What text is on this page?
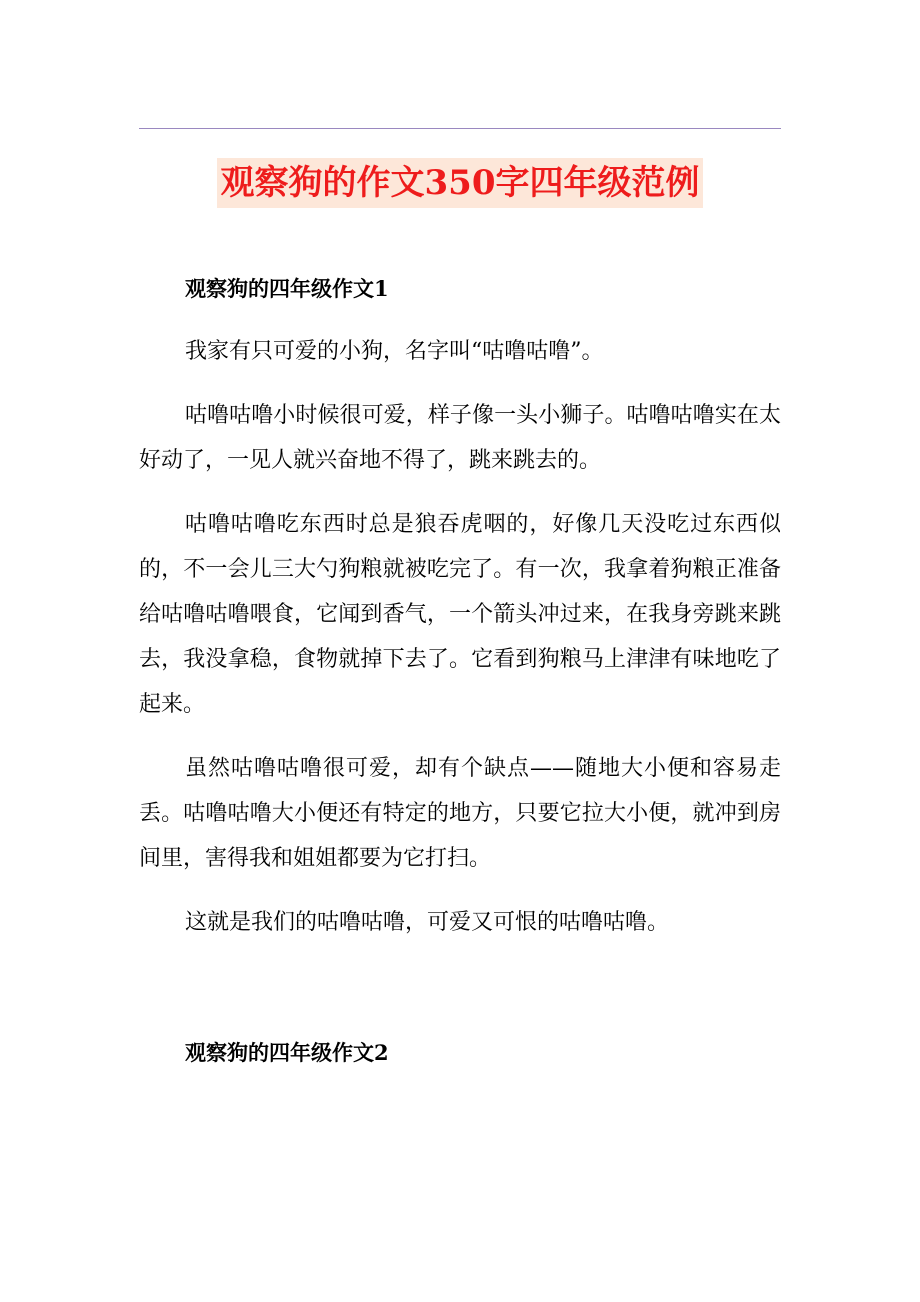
观察狗的作文350字四年级范例

观察狗的四年级作文1

我家有只可爱的小狗，名字叫“咕噜咕噜”。

咕噜咕噜小时候很可爱，样子像一头小狮子。咕噜咕噜实在太好动了，一见人就兴奋地不得了，跳来跳去的。

咕噜咕噜吃东西时总是狼吞虎咽的，好像几天没吃过东西似的，不一会儿三大勺狗粮就被吃完了。有一次，我拿着狗粮正准备给咕噜咕噜喂食，它闻到香气，一个箭头冲过来，在我身旁跳来跳去，我没拿稳，食物就掉下去了。它看到狗粮马上津津有味地吃了起来。

虽然咕噜咕噜很可爱，却有个缺点——随地大小便和容易走丢。咕噜咕噜大小便还有特定的地方，只要它拉大小便，就冲到房间里，害得我和姐姐都要为它打扫。

这就是我们的咕噜咕噜，可爱又可恨的咕噜咕噜。

观察狗的四年级作文2
